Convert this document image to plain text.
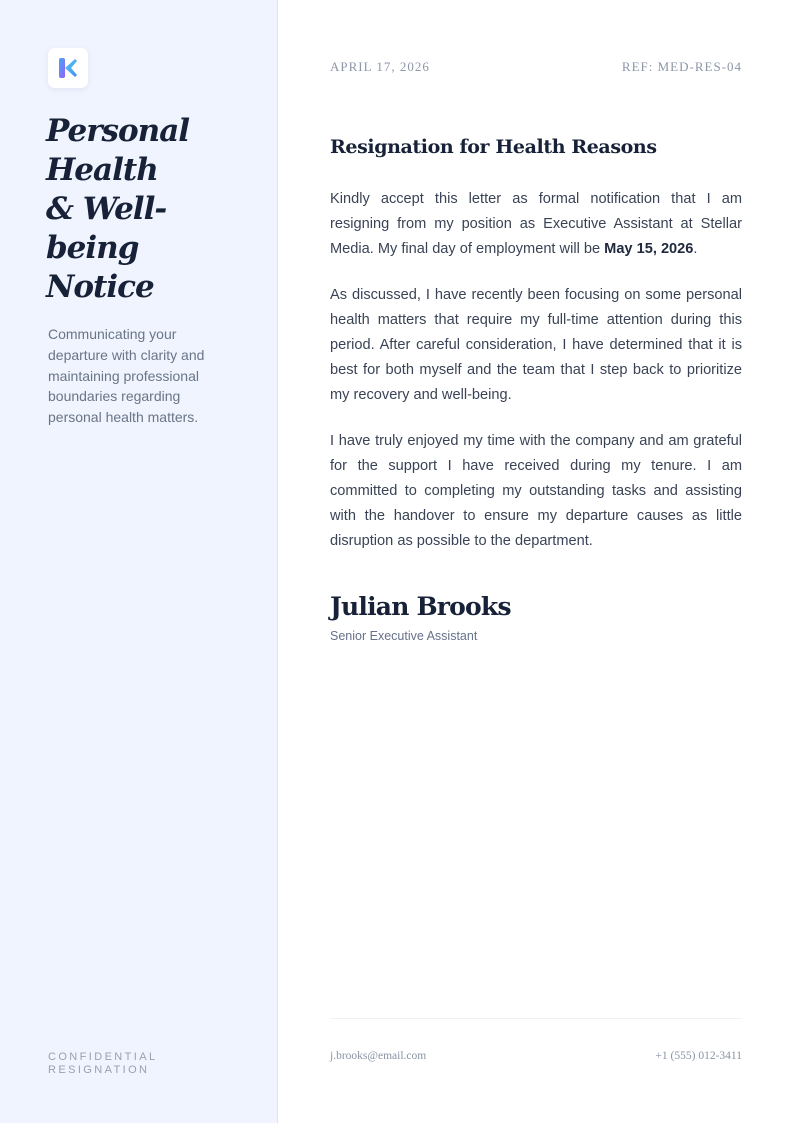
Personal
Health
& Well-
being
Notice

Communicating your departure with clarity and maintaining professional boundaries regarding personal health matters.

CONFIDENTIAL
RESIGNATION
APRIL 17, 2026	REF: MED-RES-04
Resignation for Health Reasons

Kindly accept this letter as formal notification that I am resigning from my position as Executive Assistant at Stellar Media. My final day of employment will be May 15, 2026.

As discussed, I have recently been focusing on some personal health matters that require my full-time attention during this period. After careful consideration, I have determined that it is best for both myself and the team that I step back to prioritize my recovery and well-being.

I have truly enjoyed my time with the company and am grateful for the support I have received during my tenure. I am committed to completing my outstanding tasks and assisting with the handover to ensure my departure causes as little disruption as possible to the department.

Julian Brooks
Senior Executive Assistant
j.brooks@email.com	+1 (555) 012-3411
